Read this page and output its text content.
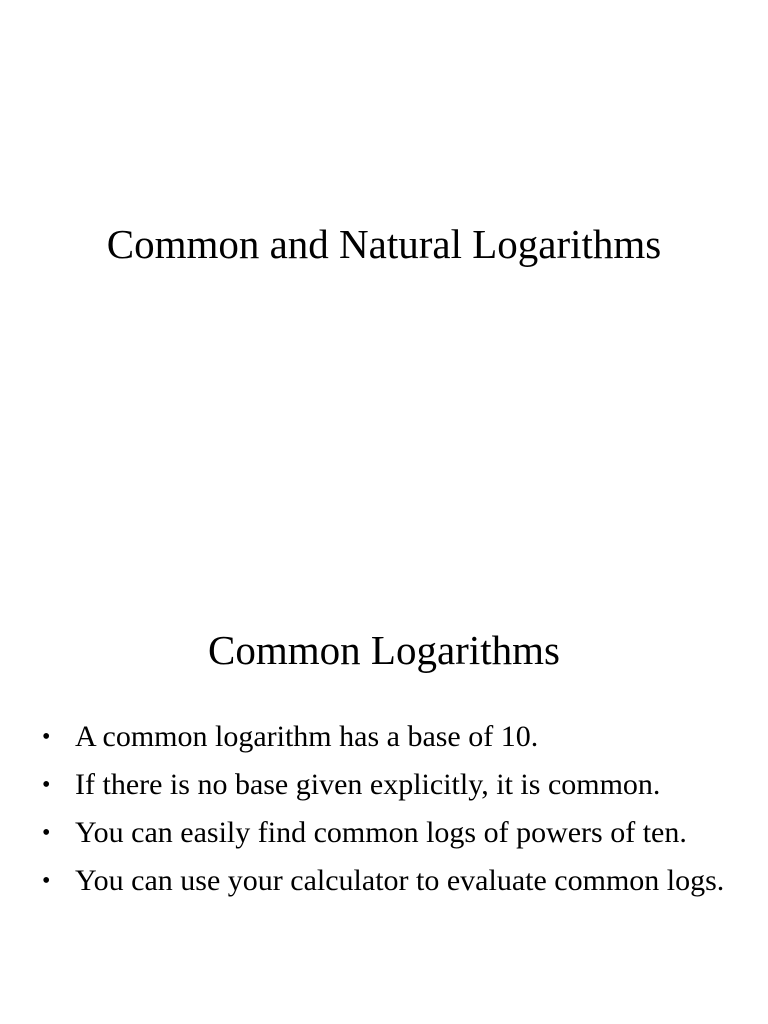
Common and Natural Logarithms
Common Logarithms
• A common logarithm has a base of 10.
• If there is no base given explicitly, it is common.
• You can easily find common logs of powers of ten.
• You can use your calculator to evaluate common logs.
